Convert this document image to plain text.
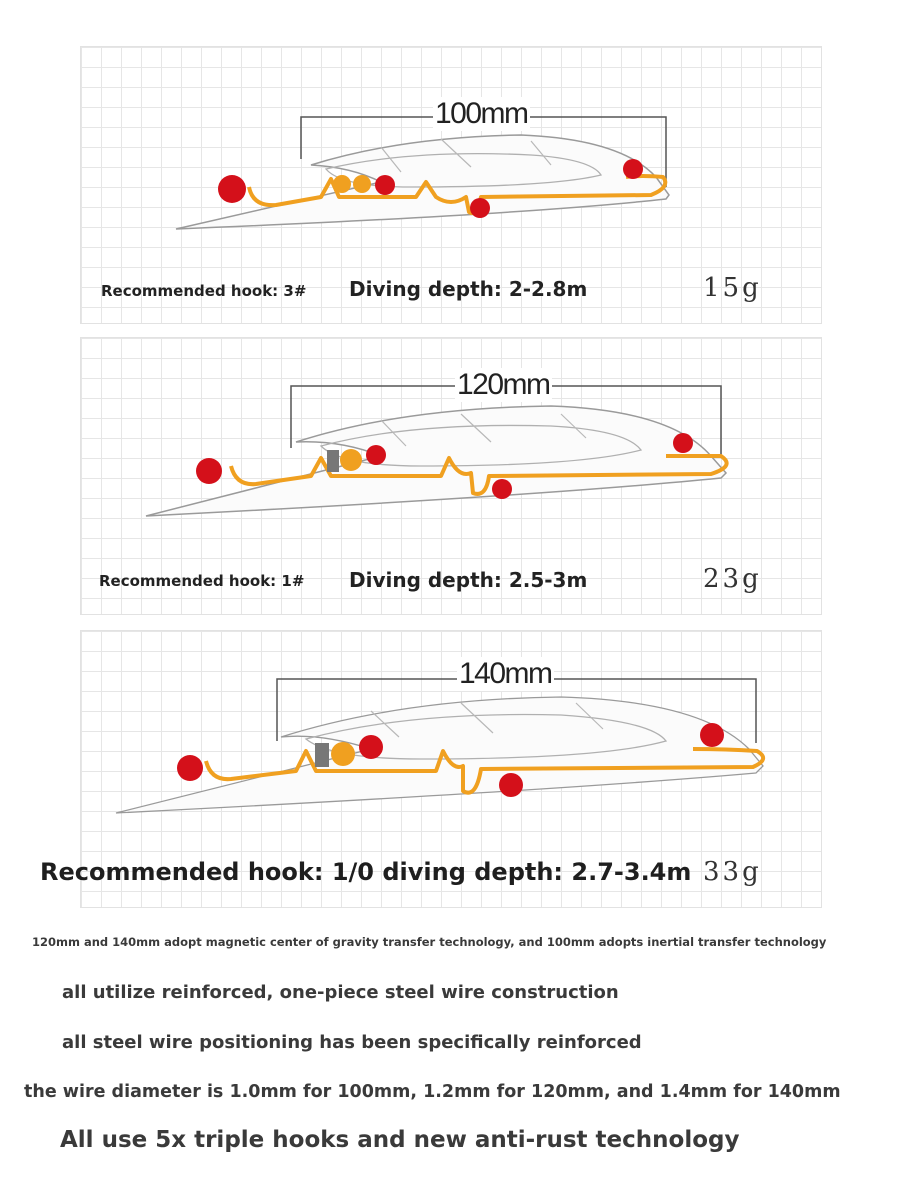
100mm
Recommended hook: 3# Diving depth: 2-2.8m	15g
120mm
Recommended hook: 1# Diving depth: 2.5-3m	23g
140mm
33g
Recommended hook: 1/0 diving depth: 2.7-3.4m
120mm and 140mm adopt magnetic center of gravity transfer technology, and 100mm adopts inertial transfer technology
all utilize reinforced, one-piece steel wire construction
all steel wire positioning has been specifically reinforced
the wire diameter is 1.0mm for 100mm, 1.2mm for 120mm, and 1.4mm for 140mm
All use 5x triple hooks and new anti-rust technology
